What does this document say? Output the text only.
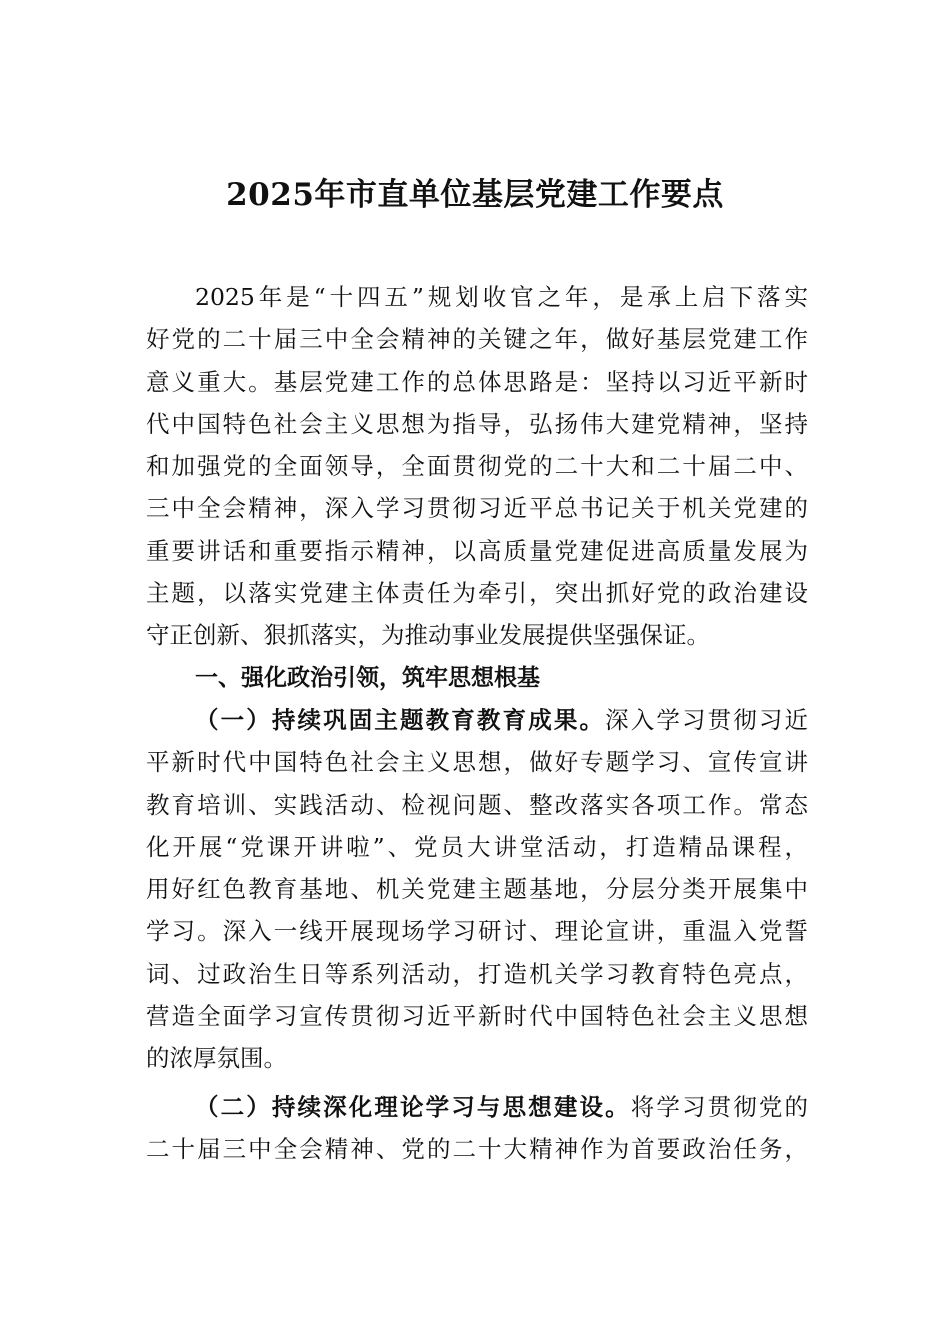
2025年市直单位基层党建工作要点
2025年是“十四五”规划收官之年，是承上启下落实
好党的二十届三中全会精神的关键之年，做好基层党建工作
意义重大。基层党建工作的总体思路是：坚持以习近平新时
代中国特色社会主义思想为指导，弘扬伟大建党精神，坚持
和加强党的全面领导，全面贯彻党的二十大和二十届二中、
三中全会精神，深入学习贯彻习近平总书记关于机关党建的
重要讲话和重要指示精神，以高质量党建促进高质量发展为
主题，以落实党建主体责任为牵引，突出抓好党的政治建设
守正创新、狠抓落实，为推动事业发展提供坚强保证。
一、强化政治引领，筑牢思想根基
（一）持续巩固主题教育教育成果。深入学习贯彻习近
平新时代中国特色社会主义思想，做好专题学习、宣传宣讲
教育培训、实践活动、检视问题、整改落实各项工作。常态
化开展“党课开讲啦”、党员大讲堂活动，打造精品课程，
用好红色教育基地、机关党建主题基地，分层分类开展集中
学习。深入一线开展现场学习研讨、理论宣讲，重温入党誓
词、过政治生日等系列活动，打造机关学习教育特色亮点，
营造全面学习宣传贯彻习近平新时代中国特色社会主义思想
的浓厚氛围。
（二）持续深化理论学习与思想建设。将学习贯彻党的
二十届三中全会精神、党的二十大精神作为首要政治任务，
